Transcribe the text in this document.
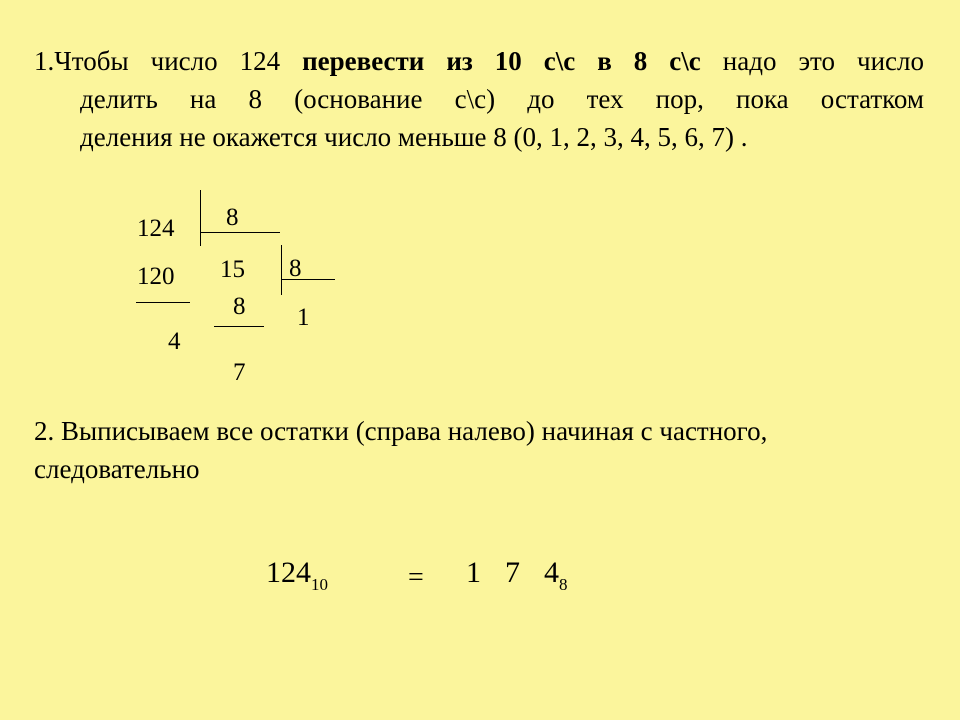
1.Чтобы число 124 перевести из 10 с\с в 8 с\с надо это число
делить на 8 (основание с\с) до тех пор, пока остатком
деления не окажется число меньше 8 (0, 1, 2, 3, 4, 5, 6, 7) .
124 8
120
4
15 8
8
7
1
2. Выписываем все остатки (справа налево) начиная с частного,
следовательно
$124_{10}$	= 1 7 $4_8$
